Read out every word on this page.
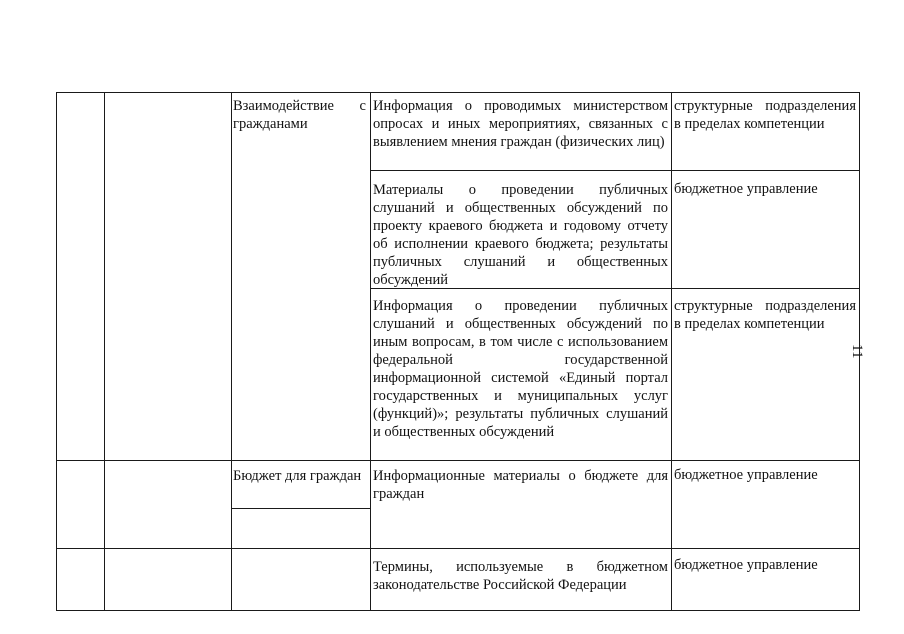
Взаимодействие с гражданами
Информация о проводимых министерством опросах и иных мероприятиях, связанных с выявлением мнения граждан (физических лиц)
структурные подразделения в пределах компетенции
Материалы о проведении публичных слушаний и общественных обсуждений по проекту краевого бюджета и годовому отчету об исполнении краевого бюджета; результаты публичных слушаний и общественных обсуждений
бюджетное управление
Информация о проведении публичных слушаний и общественных обсуждений по иным вопросам, в том числе с использованием федеральной государственной информационной системой «Единый портал государственных и муниципальных услуг (функций)»; результаты публичных слушаний и общественных обсуждений
структурные подразделения в пределах компетенции
Бюджет для граждан Информационные материалы о бюджете для граждан
бюджетное управление
Термины, используемые в бюджетном законодательстве Российской Федерации
бюджетное управление
11
